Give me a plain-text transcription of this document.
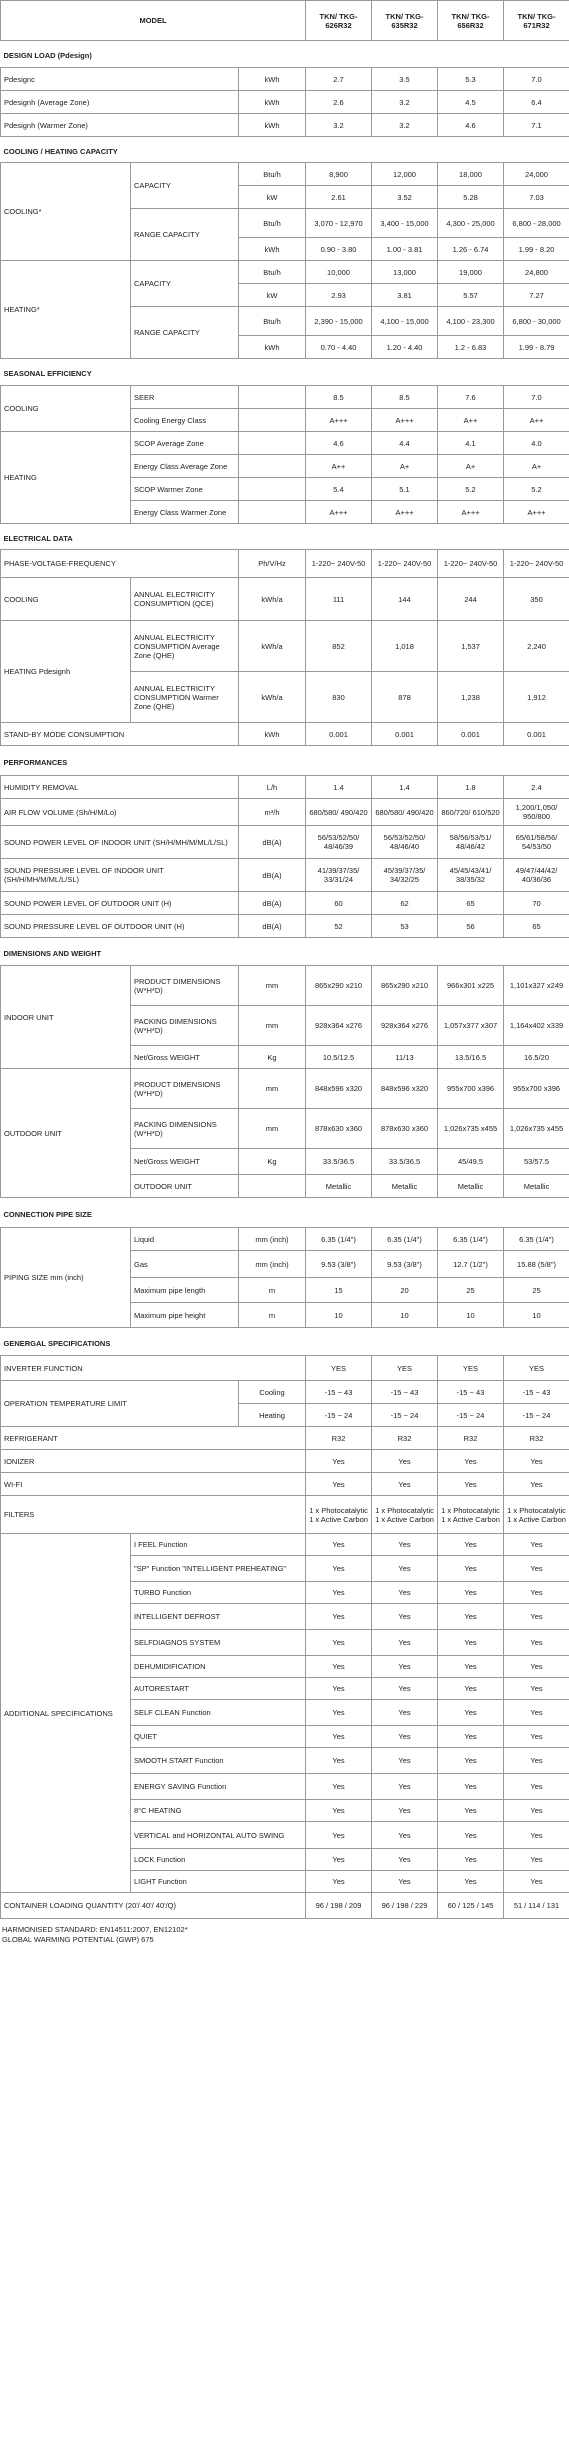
MODEL			TKN/ TKG-626R32	TKN/ TKG-635R32	TKN/ TKG-656R32	TKN/ TKG-671R32
DESIGN LOAD (Pdesign)						
Pdesignc		kWh	2.7	3.5	5.3	7.0
Pdesignh (Average Zone)		kWh	2.6	3.2	4.5	6.4
Pdesignh (Warmer Zone)		kWh	3.2	3.2	4.6	7.1
COOLING / HEATING CAPACITY						
COOLING*	CAPACITY	Btu/h	8,900	12,000	18,000	24,000
		kW	2.61	3.52	5.28	7.03
	RANGE CAPACITY	Btu/h	3,070 - 12,970	3,400 - 15,000	4,300 - 25,000	6,800 - 28,000
		kWh	0.90 - 3.80	1.00 - 3.81	1.26 - 6.74	1.99 - 8.20
HEATING*	CAPACITY	Btu/h	10,000	13,000	19,000	24,800
		kW	2.93	3.81	5.57	7.27
	RANGE CAPACITY	Btu/h	2,390 - 15,000	4,100 - 15,000	4,100 - 23,300	6,800 - 30,000
		kWh	0.70 - 4.40	1.20 - 4.40	1.2 - 6.83	1.99 - 8.79
SEASONAL EFFICIENCY						
COOLING	SEER		8.5	8.5	7.6	7.0
	Cooling Energy Class		A+++	A+++	A++	A++
HEATING	SCOP Average Zone		4.6	4.4	4.1	4.0
	Energy Class Average Zone		A++	A+	A+	A+
	SCOP Warmer Zone		5.4	5.1	5.2	5.2
	Energy Class Warmer Zone		A+++	A+++	A+++	A+++
ELECTRICAL DATA						
PHASE-VOLTAGE-FREQUENCY		Ph/V/Hz	1-220~ 240V-50	1-220~ 240V-50	1-220~ 240V-50	1-220~ 240V-50
COOLING	ANNUAL ELECTRICITY CONSUMPTION (QCE)	kWh/a	111	144	244	350
HEATING Pdesignh	ANNUAL ELECTRICITY CONSUMPTION Average Zone (QHE)	kWh/a	852	1,018	1,537	2,240
	ANNUAL ELECTRICITY CONSUMPTION Warmer Zone (QHE)	kWh/a	830	878	1,238	1,912
STAND-BY MODE CONSUMPTION		kWh	0.001	0.001	0.001	0.001
PERFORMANCES						
HUMIDITY REMOVAL		L/h	1.4	1.4	1.8	2.4
AIR FLOW VOLUME (Sh/H/M/Lo)		m³/h	680/580/ 490/420	680/580/ 490/420	860/720/ 610/520	1,200/1,050/ 950/800
SOUND POWER LEVEL OF INDOOR UNIT (SH/H/MH/M/ML/L/SL)		dB(A)	56/53/52/50/ 48/46/39	56/53/52/50/ 48/46/40	58/56/53/51/ 48/46/42	65/61/58/56/ 54/53/50
SOUND PRESSURE LEVEL OF INDOOR UNIT (SH/H/MH/M/ML/L/SL)		dB(A)	41/39/37/35/ 33/31/24	45/39/37/35/ 34/32/25	45/45/43/41/ 38/35/32	49/47/44/42/ 40/36/36
SOUND POWER LEVEL OF OUTDOOR UNIT (H)		dB(A)	60	62	65	70
SOUND PRESSURE LEVEL OF OUTDOOR UNIT (H)		dB(A)	52	53	56	65
DIMENSIONS AND WEIGHT						
INDOOR UNIT	PRODUCT DIMENSIONS (W*H*D)	mm	865x290 x210	865x290 x210	966x301 x225	1,101x327 x249
	PACKING DIMENSIONS (W*H*D)	mm	928x364 x276	928x364 x276	1,057x377 x307	1,164x402 x339
	Net/Gross WEIGHT	Kg	10.5/12.5	11/13	13.5/16.5	16.5/20
OUTDOOR UNIT	PRODUCT DIMENSIONS (W*H*D)	mm	848x596 x320	848x596 x320	955x700 x396	955x700 x396
	PACKING DIMENSIONS (W*H*D)	mm	878x630 x360	878x630 x360	1,026x735 x455	1,026x735 x455
	Net/Gross WEIGHT	Kg	33.5/36.5	33.5/36.5	45/49.5	53/57.5
	OUTDOOR UNIT		Metallic	Metallic	Metallic	Metallic
CONNECTION PIPE SIZE						
PIPING SIZE mm (inch)	Liquid	mm (inch)	6.35 (1/4")	6.35 (1/4")	6.35 (1/4")	6.35 (1/4")
	Gas	mm (inch)	9.53 (3/8")	9.53 (3/8")	12.7 (1/2")	15.88 (5/8")
	Maximum pipe length	m	15	20	25	25
	Maximum pipe height	m	10	10	10	10
GENERGAL SPECIFICATIONS						
INVERTER FUNCTION			YES	YES	YES	YES
OPERATION TEMPERATURE LIMIT		Cooling	-15 ~ 43	-15 ~ 43	-15 ~ 43	-15 ~ 43
		Heating	-15 ~ 24	-15 ~ 24	-15 ~ 24	-15 ~ 24
REFRIGERANT			R32	R32	R32	R32
IONIZER			Yes	Yes	Yes	Yes
WI-FI			Yes	Yes	Yes	Yes
FILTERS			1 x Photocatalytic 1 x Active Carbon	1 x Photocatalytic 1 x Active Carbon	1 x Photocatalytic 1 x Active Carbon	1 x Photocatalytic 1 x Active Carbon
ADDITIONAL SPECIFICATIONS	I FEEL Function		Yes	Yes	Yes	Yes
	"SP" Function "INTELLIGENT PREHEATING"		Yes	Yes	Yes	Yes
	TURBO Function		Yes	Yes	Yes	Yes
	INTELLIGENT DEFROST		Yes	Yes	Yes	Yes
	SELFDIAGNOS SYSTEM		Yes	Yes	Yes	Yes
	DEHUMIDIFICATION		Yes	Yes	Yes	Yes
	AUTORESTART		Yes	Yes	Yes	Yes
	SELF CLEAN Function		Yes	Yes	Yes	Yes
	QUIET		Yes	Yes	Yes	Yes
	SMOOTH START Function		Yes	Yes	Yes	Yes
	ENERGY SAVING Function		Yes	Yes	Yes	Yes
	8°C HEATING		Yes	Yes	Yes	Yes
	VERTICAL and HORIZONTAL AUTO SWING		Yes	Yes	Yes	Yes
	LOCK Function		Yes	Yes	Yes	Yes
	LIGHT Function		Yes	Yes	Yes	Yes
CONTAINER LOADING QUANTITY (20'/ 40'/ 40'/Q)			96 / 198 / 209	96 / 198 / 229	60 / 125 / 145	51 / 114 / 131
HARMONISED STANDARD: EN14511:2007, EN12102*
GLOBAL WARMING POTENTIAL (GWP) 675
